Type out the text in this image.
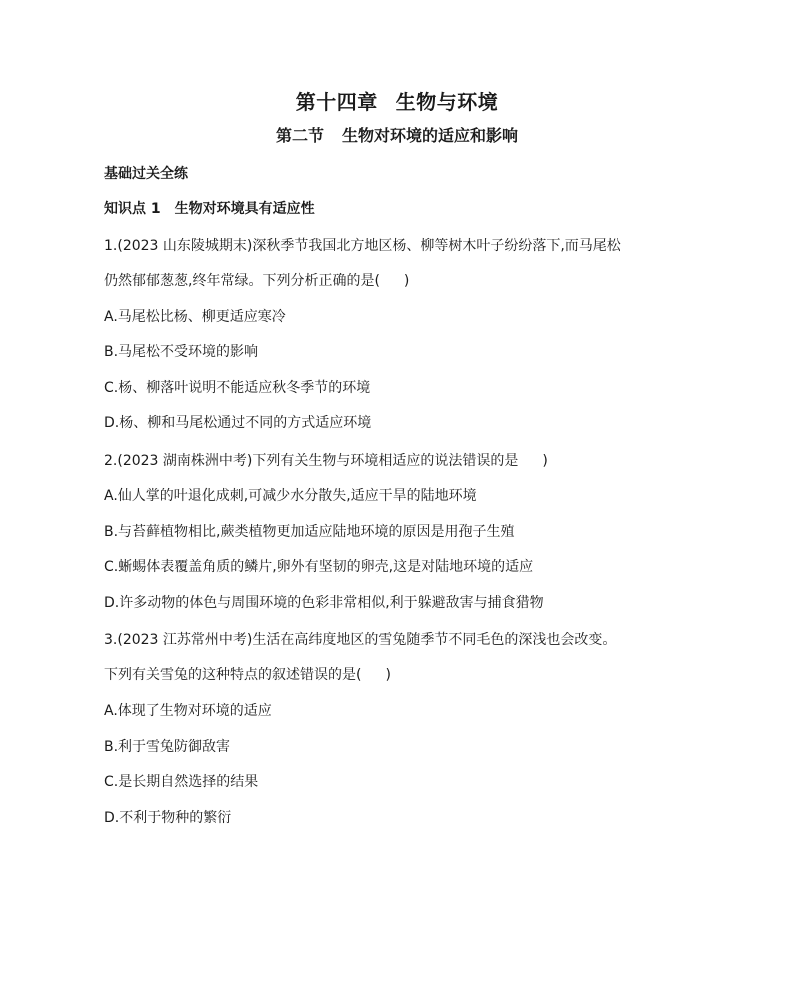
第十四章 生物与环境
第二节 生物对环境的适应和影响
基础过关全练
知识点 1 生物对环境具有适应性
1.(2023 山东陵城期末)深秋季节我国北方地区杨、柳等树木叶子纷纷落下,而马尾松
仍然郁郁葱葱,终年常绿。下列分析正确的是( )
A.马尾松比杨、柳更适应寒冷
B.马尾松不受环境的影响
C.杨、柳落叶说明不能适应秋冬季节的环境
D.杨、柳和马尾松通过不同的方式适应环境
2.(2023 湖南株洲中考)下列有关生物与环境相适应的说法错误的是 )
A.仙人掌的叶退化成刺,可减少水分散失,适应干旱的陆地环境
B.与苔藓植物相比,蕨类植物更加适应陆地环境的原因是用孢子生殖
C.蜥蜴体表覆盖角质的鳞片,卵外有坚韧的卵壳,这是对陆地环境的适应
D.许多动物的体色与周围环境的色彩非常相似,利于躲避敌害与捕食猎物
3.(2023 江苏常州中考)生活在高纬度地区的雪兔随季节不同毛色的深浅也会改变。
下列有关雪兔的这种特点的叙述错误的是( )
A.体现了生物对环境的适应
B.利于雪兔防御敌害
C.是长期自然选择的结果
D.不利于物种的繁衍
